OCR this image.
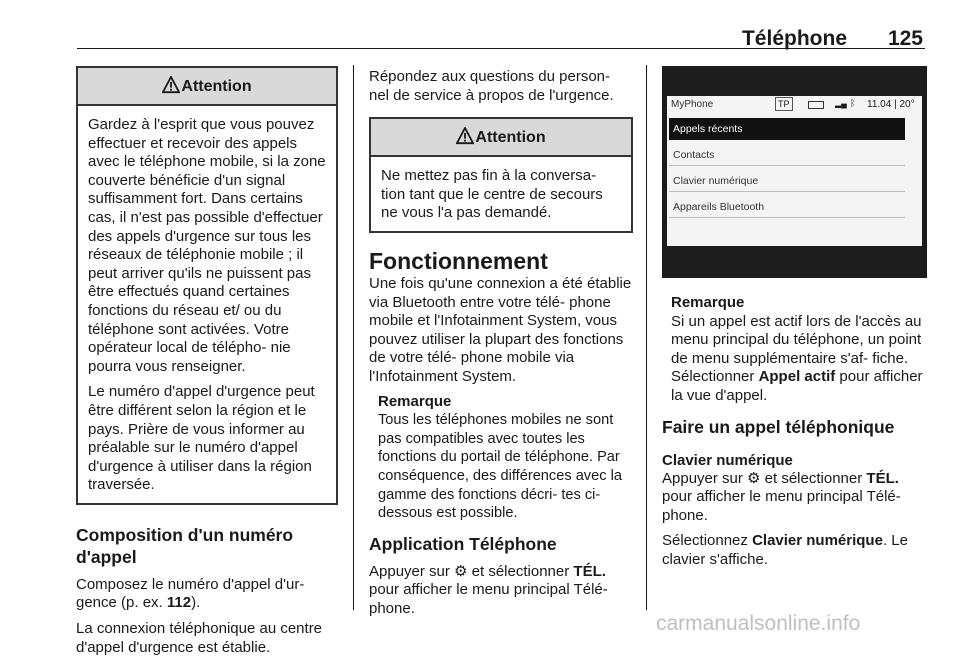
Téléphone 125
Attention

Gardez à l'esprit que vous pouvez effectuer et recevoir des appels avec le téléphone mobile, si la zone couverte bénéficie d'un signal suffisamment fort. Dans certains cas, il n'est pas possible d'effectuer des appels d'urgence sur tous les réseaux de téléphonie mobile ; il peut arriver qu'ils ne puissent pas être effectués quand certaines fonctions du réseau et/ ou du téléphone sont activées. Votre opérateur local de télépho- nie pourra vous renseigner.

Le numéro d'appel d'urgence peut être différent selon la région et le pays. Prière de vous informer au préalable sur le numéro d'appel d'urgence à utiliser dans la région traversée.

Composition d'un numéro d'appel

Composez le numéro d'appel d'ur- gence (p. ex. 112).

La connexion téléphonique au centre d'appel d'urgence est établie.

Répondez aux questions du person- nel de service à propos de l'urgence.

Attention

Ne mettez pas fin à la conversa- tion tant que le centre de secours ne vous l'a pas demandé.

Fonctionnement

Une fois qu'une connexion a été établie via Bluetooth entre votre télé- phone mobile et l'Infotainment System, vous pouvez utiliser la plupart des fonctions de votre télé- phone mobile via l'Infotainment System.

Remarque

Tous les téléphones mobiles ne sont pas compatibles avec toutes les fonctions du portail de téléphone. Par conséquence, des différences avec la gamme des fonctions décri- tes ci-dessous est possible.

Application Téléphone

Appuyer sur ⚙ et sélectionner TÉL. pour afficher le menu principal Télé- phone.

MyPhone	TP	▂▄ ᛒ 11.04 | 20°
Appels récents
Contacts
Clavier numérique
Appareils Bluetooth

Remarque

Si un appel est actif lors de l'accès au menu principal du téléphone, un point de menu supplémentaire s'af- fiche. Sélectionner Appel actif pour afficher la vue d'appel.

Faire un appel téléphonique
Clavier numérique

Appuyer sur ⚙ et sélectionner TÉL. pour afficher le menu principal Télé- phone.

Sélectionnez Clavier numérique. Le clavier s'affiche.

carmanualsonline.info
